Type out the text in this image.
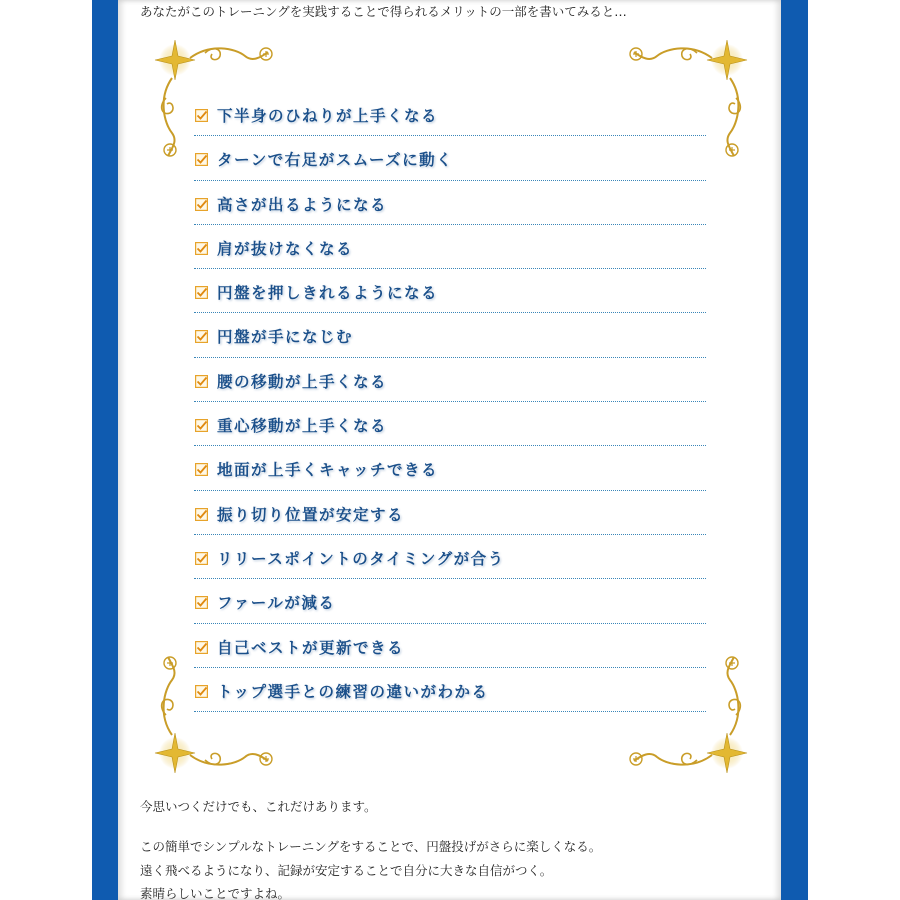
あなたがこのトレーニングを実践することで得られるメリットの一部を書いてみると…
下半身のひねりが上手くなる
ターンで右足がスムーズに動く
高さが出るようになる
肩が抜けなくなる
円盤を押しきれるようになる
円盤が手になじむ
腰の移動が上手くなる
重心移動が上手くなる
地面が上手くキャッチできる
振り切り位置が安定する
リリースポイントのタイミングが合う
ファールが減る
自己ベストが更新できる
トップ選手との練習の違いがわかる
今思いつくだけでも、これだけあります。
この簡単でシンプルなトレーニングをすることで、円盤投げがさらに楽しくなる。
遠く飛べるようになり、記録が安定することで自分に大きな自信がつく。
素晴らしいことですよね。
